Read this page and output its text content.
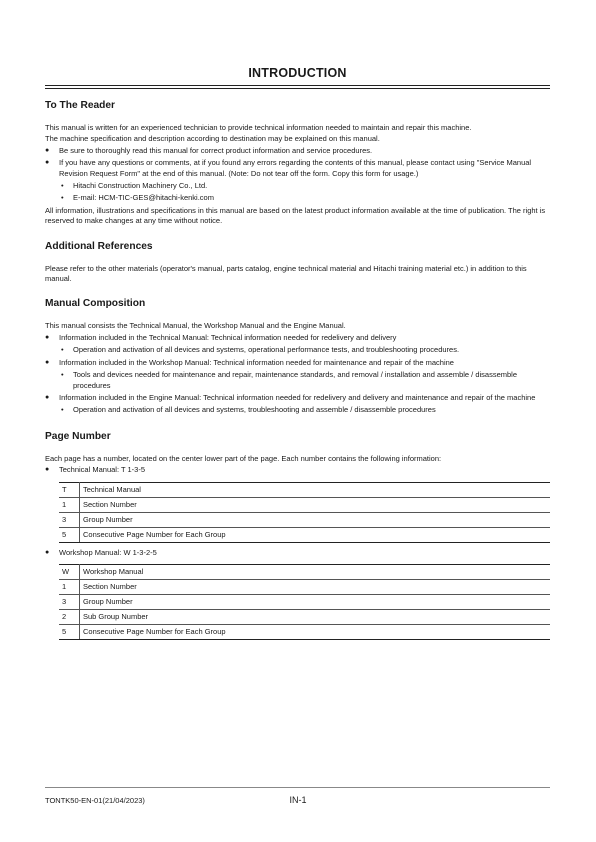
INTRODUCTION
To The Reader

This manual is written for an experienced technician to provide technical information needed to maintain and repair this machine.

The machine specification and description according to destination may be explained on this manual.

● Be sure to thoroughly read this manual for correct product information and service procedures.
● If you have any questions or comments, at if you found any errors regarding the contents of this manual, please contact using "Service Manual Revision Request Form" at the end of this manual. (Note: Do not tear off the form. Copy this form for usage.)
• Hitachi Construction Machinery Co., Ltd.
• E-mail: HCM-TIC-GES@hitachi-kenki.com

All information, illustrations and specifications in this manual are based on the latest product information available at the time of publication. The right is reserved to make changes at any time without notice.

Additional References

Please refer to the other materials (operator's manual, parts catalog, engine technical material and Hitachi training material etc.) in addition to this manual.

Manual Composition

This manual consists the Technical Manual, the Workshop Manual and the Engine Manual.

● Information included in the Technical Manual: Technical information needed for redelivery and delivery
• Operation and activation of all devices and systems, operational performance tests, and troubleshooting procedures.
● Information included in the Workshop Manual: Technical information needed for maintenance and repair of the machine
• Tools and devices needed for maintenance and repair, maintenance standards, and removal / installation and assemble / disassemble procedures
● Information included in the Engine Manual: Technical information needed for redelivery and delivery and maintenance and repair of the machine
• Operation and activation of all devices and systems, troubleshooting and assemble / disassemble procedures
Page Number

Each page has a number, located on the center lower part of the page. Each number contains the following information:

● Technical Manual: T 1-3-5
T	Technical Manual
1	Section Number
3	Group Number
5	Consecutive Page Number for Each Group
● Workshop Manual: W 1-3-2-5
W	Workshop Manual
1	Section Number
3	Group Number
2	Sub Group Number
5	Consecutive Page Number for Each Group
TONTK50-EN-01(21/04/2023)	IN-1
